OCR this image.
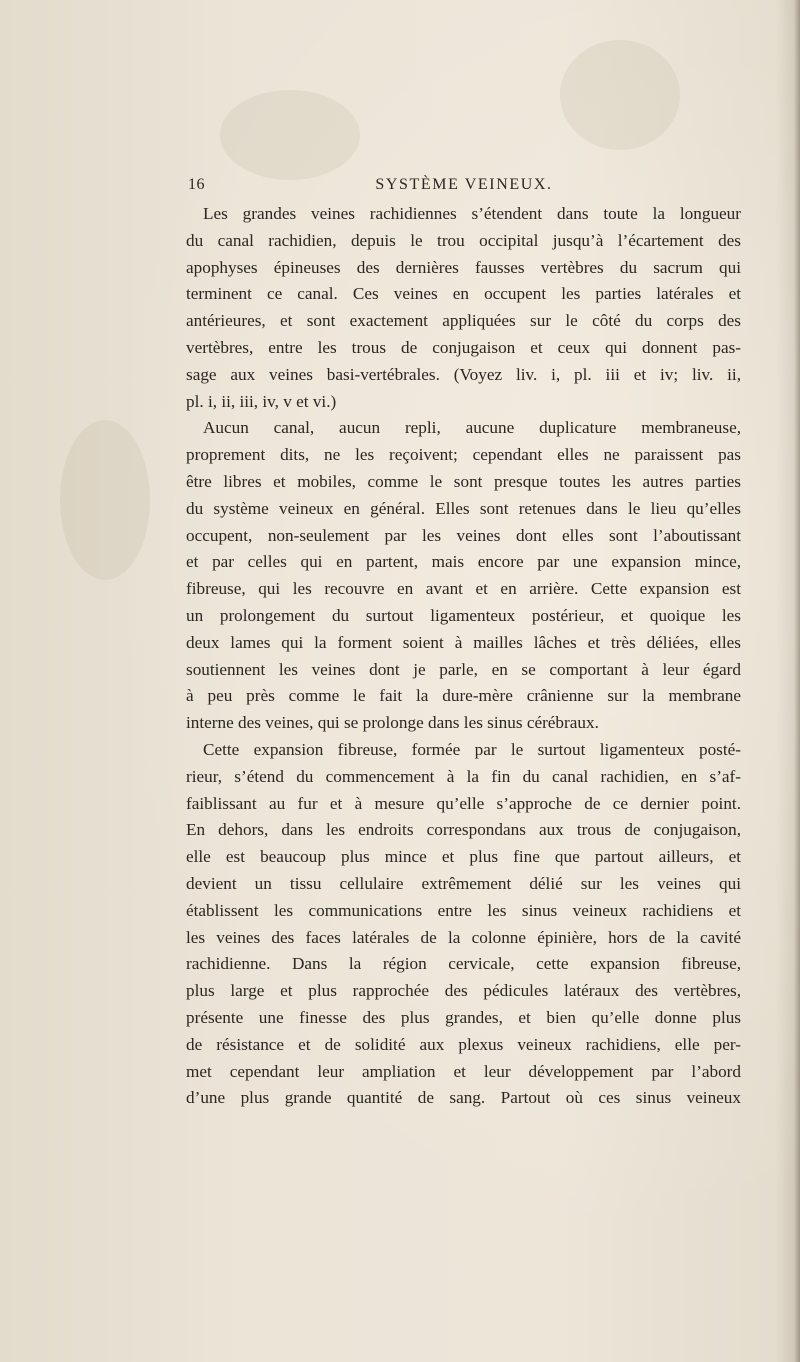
16	SYSTÈME VEINEUX.
Les grandes veines rachidiennes s’étendent dans toute la longueur
du canal rachidien, depuis le trou occipital jusqu’à l’écartement des
apophyses épineuses des dernières fausses vertèbres du sacrum qui
terminent ce canal. Ces veines en occupent les parties latérales et
antérieures, et sont exactement appliquées sur le côté du corps des
vertèbres, entre les trous de conjugaison et ceux qui donnent pas-
sage aux veines basi-vertébrales. (Voyez liv. i, pl. iii et iv; liv. ii,
pl. i, ii, iii, iv, v et vi.)
Aucun canal, aucun repli, aucune duplicature membraneuse,
proprement dits, ne les reçoivent; cependant elles ne paraissent pas
être libres et mobiles, comme le sont presque toutes les autres parties
du système veineux en général. Elles sont retenues dans le lieu qu’elles
occupent, non-seulement par les veines dont elles sont l’aboutissant
et par celles qui en partent, mais encore par une expansion mince,
fibreuse, qui les recouvre en avant et en arrière. Cette expansion est
un prolongement du surtout ligamenteux postérieur, et quoique les
deux lames qui la forment soient à mailles lâches et très déliées, elles
soutiennent les veines dont je parle, en se comportant à leur égard
à peu près comme le fait la dure-mère crânienne sur la membrane
interne des veines, qui se prolonge dans les sinus cérébraux.
Cette expansion fibreuse, formée par le surtout ligamenteux posté-
rieur, s’étend du commencement à la fin du canal rachidien, en s’af-
faiblissant au fur et à mesure qu’elle s’approche de ce dernier point.
En dehors, dans les endroits correspondans aux trous de conjugaison,
elle est beaucoup plus mince et plus fine que partout ailleurs, et
devient un tissu cellulaire extrêmement délié sur les veines qui
établissent les communications entre les sinus veineux rachidiens et
les veines des faces latérales de la colonne épinière, hors de la cavité
rachidienne. Dans la région cervicale, cette expansion fibreuse,
plus large et plus rapprochée des pédicules latéraux des vertèbres,
présente une finesse des plus grandes, et bien qu’elle donne plus
de résistance et de solidité aux plexus veineux rachidiens, elle per-
met cependant leur ampliation et leur développement par l’abord
d’une plus grande quantité de sang. Partout où ces sinus veineux
